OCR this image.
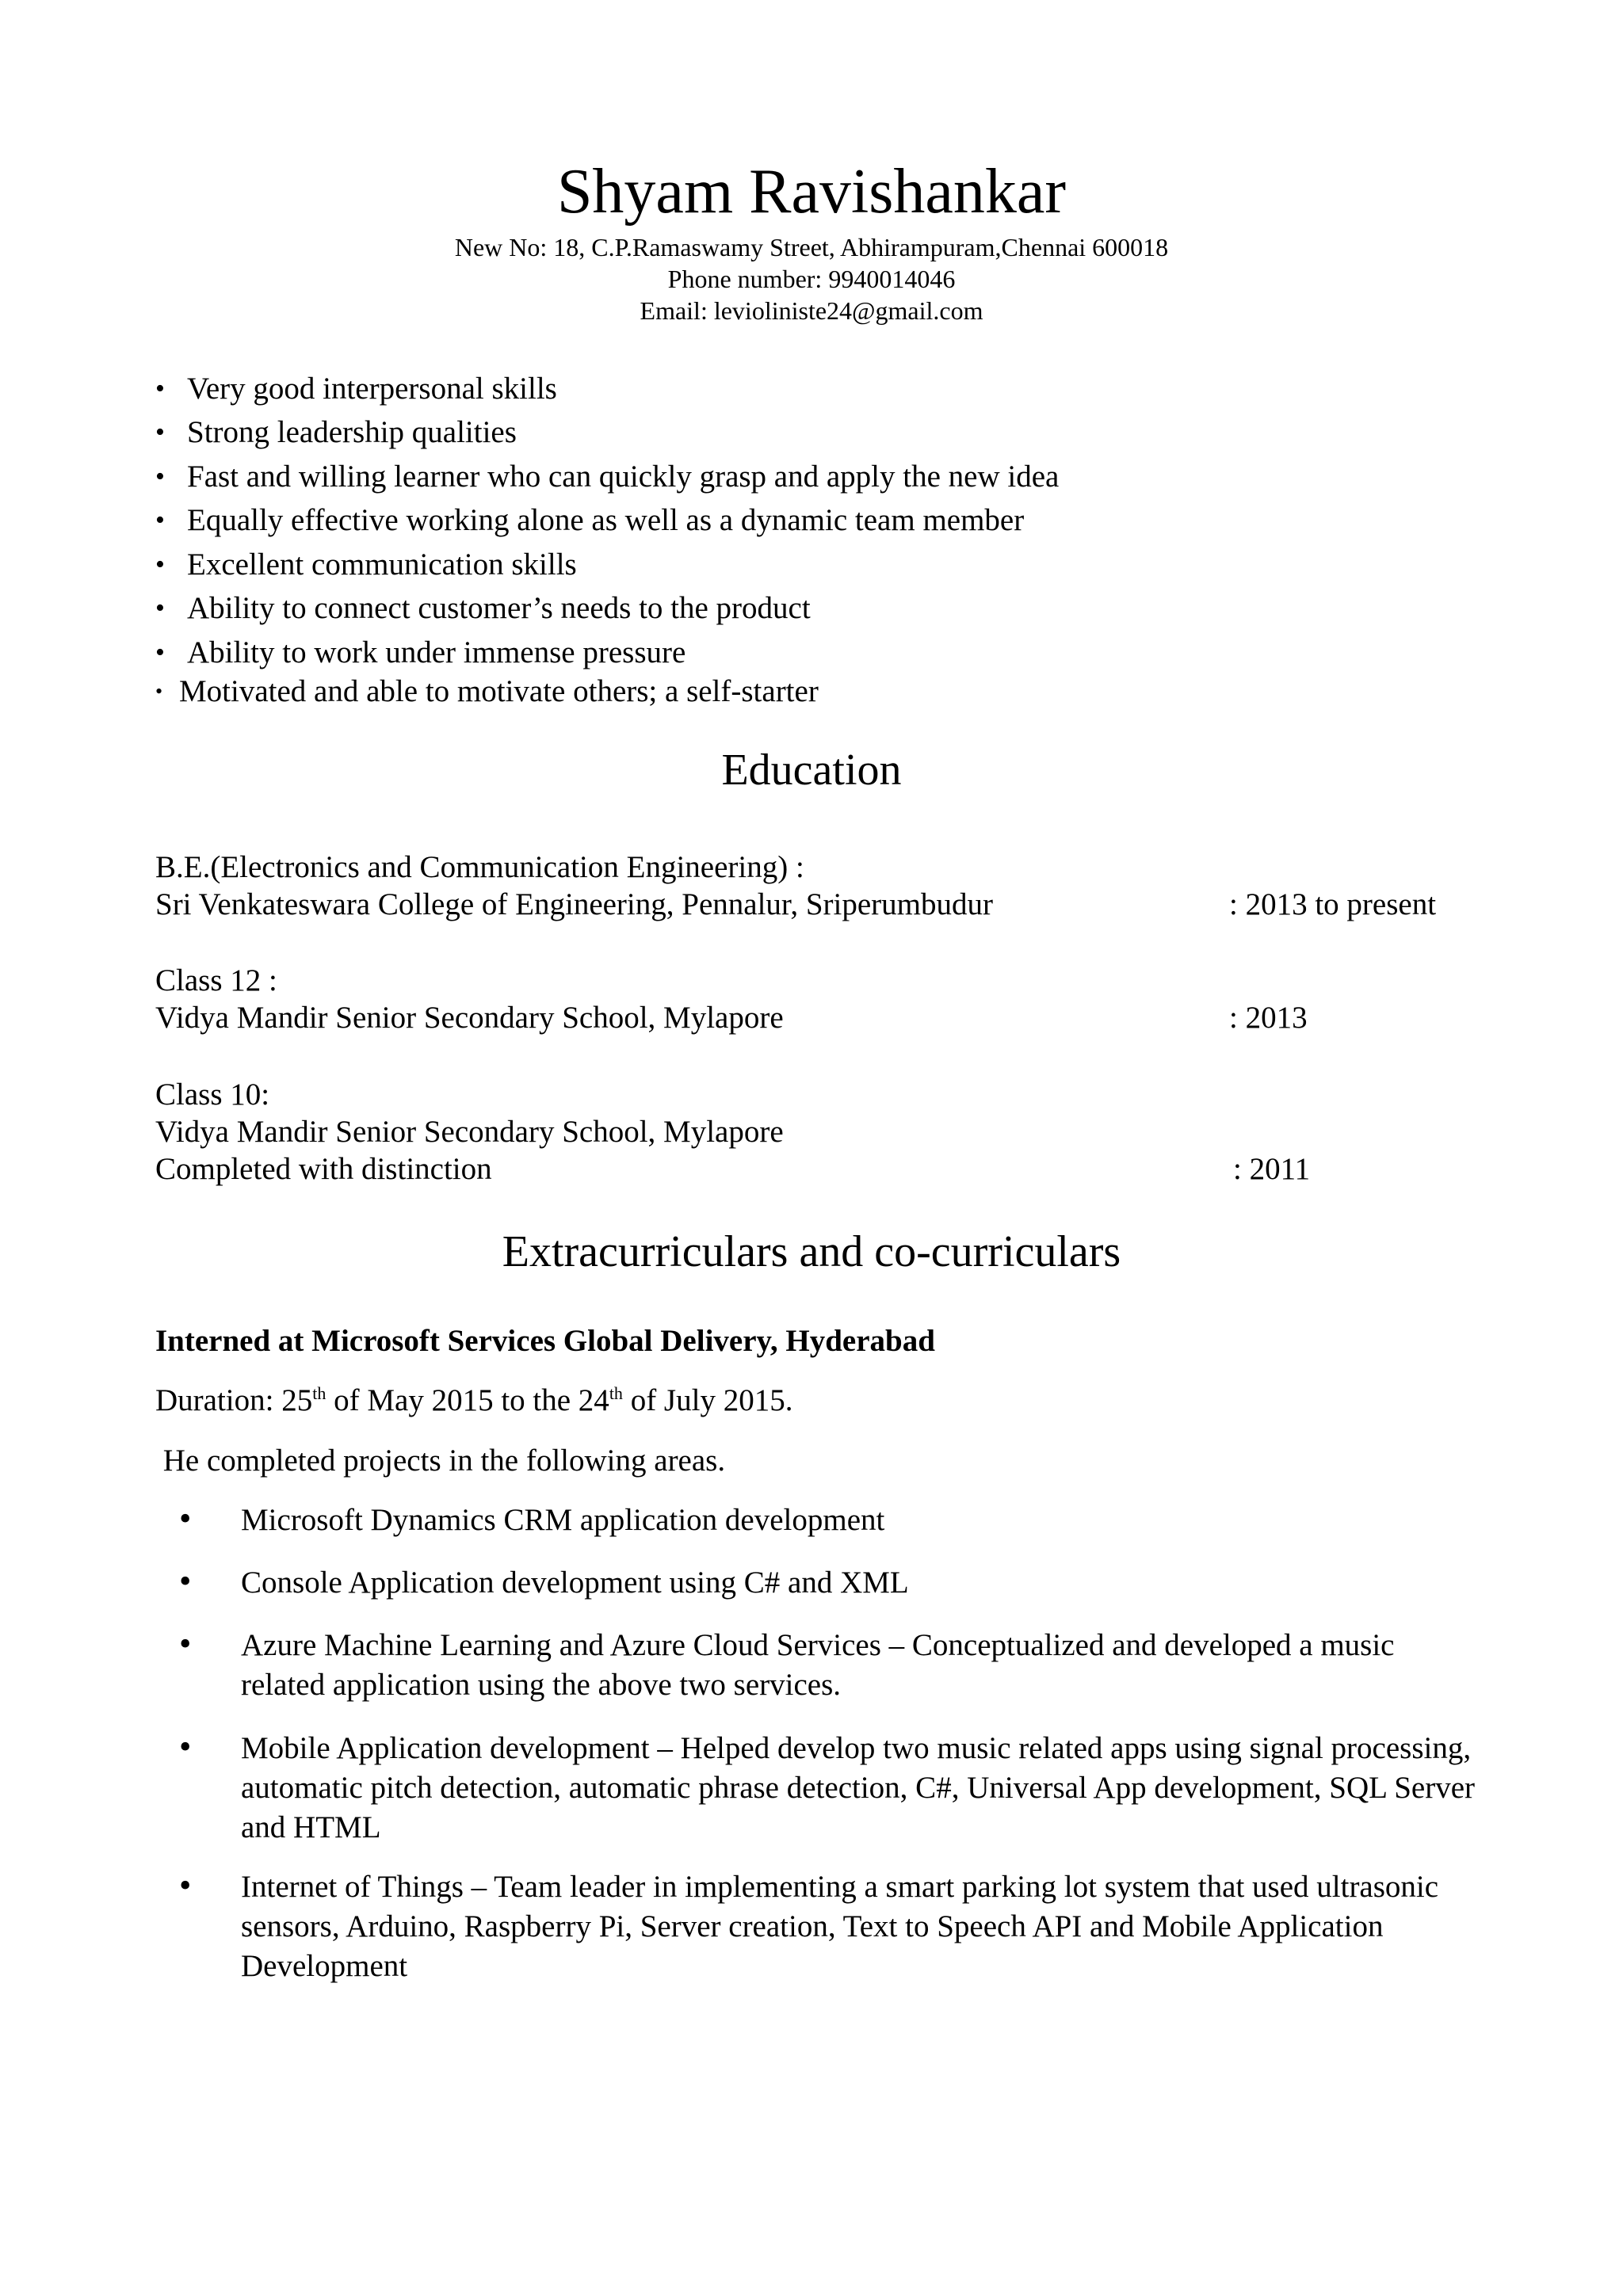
Shyam Ravishankar
New No: 18, C.P.Ramaswamy Street, Abhirampuram,Chennai 600018
Phone number: 9940014046
Email: levioliniste24@gmail.com
• Very good interpersonal skills
• Strong leadership qualities
• Fast and willing learner who can quickly grasp and apply the new idea
• Equally effective working alone as well as a dynamic team member
• Excellent communication skills
• Ability to connect customer’s needs to the product
• Ability to work under immense pressure
• Motivated and able to motivate others; a self-starter
Education
B.E.(Electronics and Communication Engineering) :
Sri Venkateswara College of Engineering, Pennalur, Sriperumbudur	: 2013 to present
Class 12 :
Vidya Mandir Senior Secondary School, Mylapore	: 2013
Class 10:
Vidya Mandir Senior Secondary School, Mylapore
Completed with distinction	: 2011
Extracurriculars and co-curriculars
Interned at Microsoft Services Global Delivery, Hyderabad
Duration: 25th of May 2015 to the 24th of July 2015.
He completed projects in the following areas.
• Microsoft Dynamics CRM application development
• Console Application development using C# and XML
• Azure Machine Learning and Azure Cloud Services – Conceptualized and developed a music related application using the above two services.
• Mobile Application development – Helped develop two music related apps using signal processing, automatic pitch detection, automatic phrase detection, C#, Universal App development, SQL Server and HTML
• Internet of Things – Team leader in implementing a smart parking lot system that used ultrasonic sensors, Arduino, Raspberry Pi, Server creation, Text to Speech API and Mobile Application Development
